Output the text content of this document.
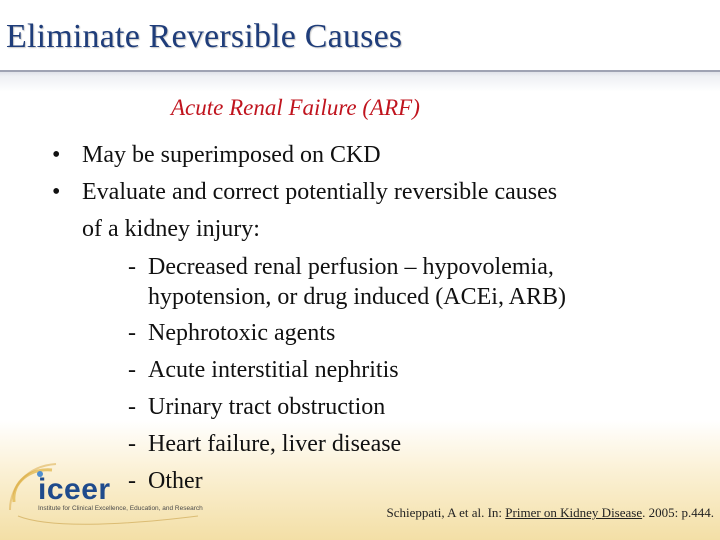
Eliminate Reversible Causes
Acute Renal Failure (ARF)
• May be superimposed on CKD
• Evaluate and correct potentially reversible causes
of a kidney injury:
- Decreased renal perfusion – hypovolemia,
hypotension, or drug induced (ACEi, ARB)
- Nephrotoxic agents
- Acute interstitial nephritis
- Urinary tract obstruction
- Heart failure, liver disease
- Other
iceer
Institute for Clinical Excellence, Education, and Research	Schieppati, A et al. In: Primer on Kidney Disease. 2005: p.444.
